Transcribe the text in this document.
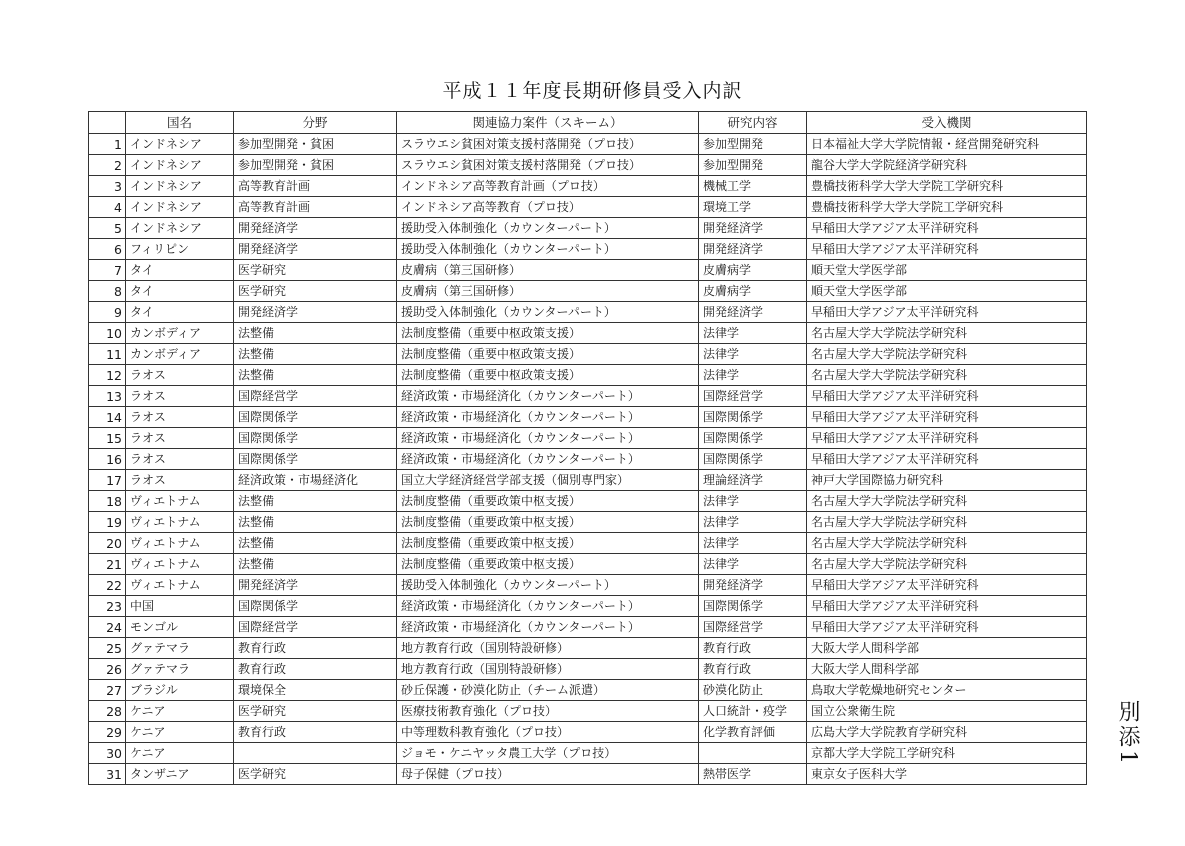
平成１１年度長期研修員受入内訳
	国名	分野	関連協力案件（スキーム）	研究内容	受入機関
1	インドネシア	参加型開発・貧困	スラウエシ貧困対策支援村落開発（プロ技）	参加型開発	日本福祉大学大学院情報・経営開発研究科
2	インドネシア	参加型開発・貧困	スラウエシ貧困対策支援村落開発（プロ技）	参加型開発	龍谷大学大学院経済学研究科
3	インドネシア	高等教育計画	インドネシア高等教育計画（プロ技）	機械工学	豊橋技術科学大学大学院工学研究科
4	インドネシア	高等教育計画	インドネシア高等教育（プロ技）	環境工学	豊橋技術科学大学大学院工学研究科
5	インドネシア	開発経済学	援助受入体制強化（カウンターパート）	開発経済学	早稲田大学アジア太平洋研究科
6	フィリピン	開発経済学	援助受入体制強化（カウンターパート）	開発経済学	早稲田大学アジア太平洋研究科
7	タイ	医学研究	皮膚病（第三国研修）	皮膚病学	順天堂大学医学部
8	タイ	医学研究	皮膚病（第三国研修）	皮膚病学	順天堂大学医学部
9	タイ	開発経済学	援助受入体制強化（カウンターパート）	開発経済学	早稲田大学アジア太平洋研究科
10	カンボディア	法整備	法制度整備（重要中枢政策支援）	法律学	名古屋大学大学院法学研究科
11	カンボディア	法整備	法制度整備（重要中枢政策支援）	法律学	名古屋大学大学院法学研究科
12	ラオス	法整備	法制度整備（重要中枢政策支援）	法律学	名古屋大学大学院法学研究科
13	ラオス	国際経営学	経済政策・市場経済化（カウンターパート）	国際経営学	早稲田大学アジア太平洋研究科
14	ラオス	国際関係学	経済政策・市場経済化（カウンターパート）	国際関係学	早稲田大学アジア太平洋研究科
15	ラオス	国際関係学	経済政策・市場経済化（カウンターパート）	国際関係学	早稲田大学アジア太平洋研究科
16	ラオス	国際関係学	経済政策・市場経済化（カウンターパート）	国際関係学	早稲田大学アジア太平洋研究科
17	ラオス	経済政策・市場経済化	国立大学経済経営学部支援（個別専門家）	理論経済学	神戸大学国際協力研究科
18	ヴィエトナム	法整備	法制度整備（重要政策中枢支援）	法律学	名古屋大学大学院法学研究科
19	ヴィエトナム	法整備	法制度整備（重要政策中枢支援）	法律学	名古屋大学大学院法学研究科
20	ヴィエトナム	法整備	法制度整備（重要政策中枢支援）	法律学	名古屋大学大学院法学研究科
21	ヴィエトナム	法整備	法制度整備（重要政策中枢支援）	法律学	名古屋大学大学院法学研究科
22	ヴィエトナム	開発経済学	援助受入体制強化（カウンターパート）	開発経済学	早稲田大学アジア太平洋研究科
23	中国	国際関係学	経済政策・市場経済化（カウンターパート）	国際関係学	早稲田大学アジア太平洋研究科
24	モンゴル	国際経営学	経済政策・市場経済化（カウンターパート）	国際経営学	早稲田大学アジア太平洋研究科
25	グァテマラ	教育行政	地方教育行政（国別特設研修）	教育行政	大阪大学人間科学部
26	グァテマラ	教育行政	地方教育行政（国別特設研修）	教育行政	大阪大学人間科学部
27	ブラジル	環境保全	砂丘保護・砂漠化防止（チーム派遣）	砂漠化防止	鳥取大学乾燥地研究センター
28	ケニア	医学研究	医療技術教育強化（プロ技）	人口統計・疫学	国立公衆衛生院
29	ケニア	教育行政	中等理数科教育強化（プロ技）	化学教育評価	広島大学大学院教育学研究科
30	ケニア		ジョモ・ケニヤッタ農工大学（プロ技）		京都大学大学院工学研究科
31	タンザニア	医学研究	母子保健（プロ技）	熱帯医学	東京女子医科大学
別添1
